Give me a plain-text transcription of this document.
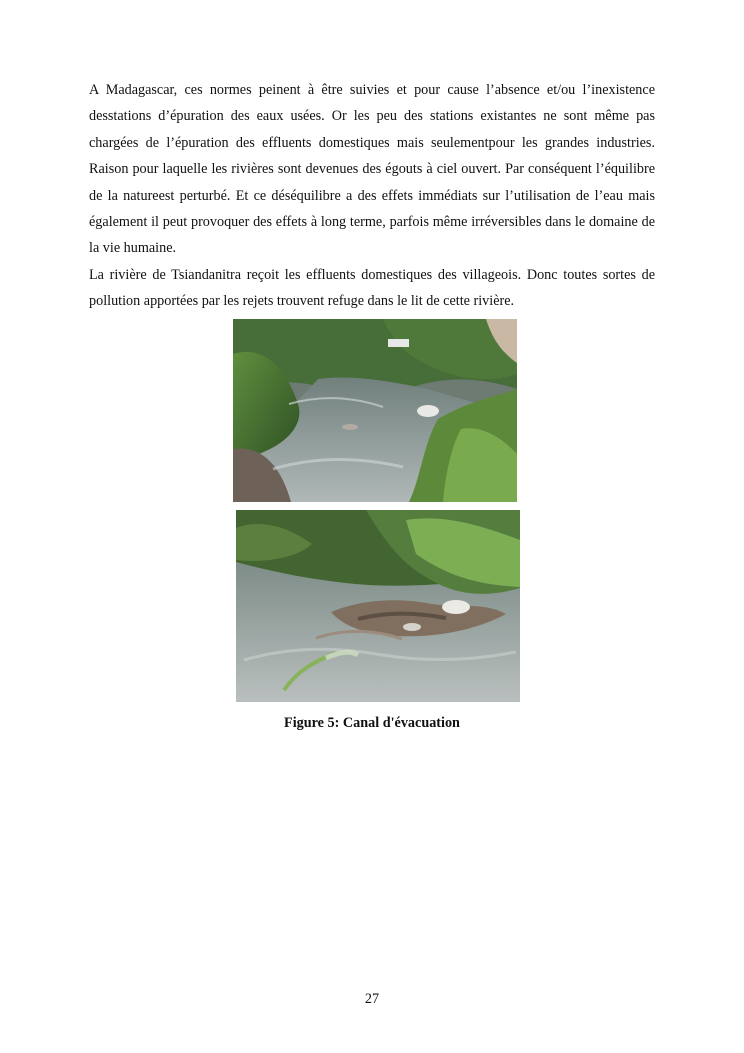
A Madagascar, ces normes peinent à être suivies et pour cause l’absence et/ou l’inexistence desstations d’épuration des eaux usées. Or les peu des stations existantes ne sont même pas chargées de l’épuration des effluents domestiques mais seulementpour les grandes industries. Raison pour laquelle les rivières sont devenues des égouts à ciel ouvert. Par conséquent l’équilibre de la natureest perturbé. Et ce déséquilibre a des effets immédiats sur l’utilisation de l’eau mais également il peut provoquer des effets à long terme, parfois même irréversibles dans le domaine de la vie humaine.

La rivière de Tsiandanitra reçoit les effluents domestiques des villageois. Donc toutes sortes de pollution apportées par les rejets trouvent refuge dans le lit de cette rivière.

Figure 5: Canal d'évacuation
27
